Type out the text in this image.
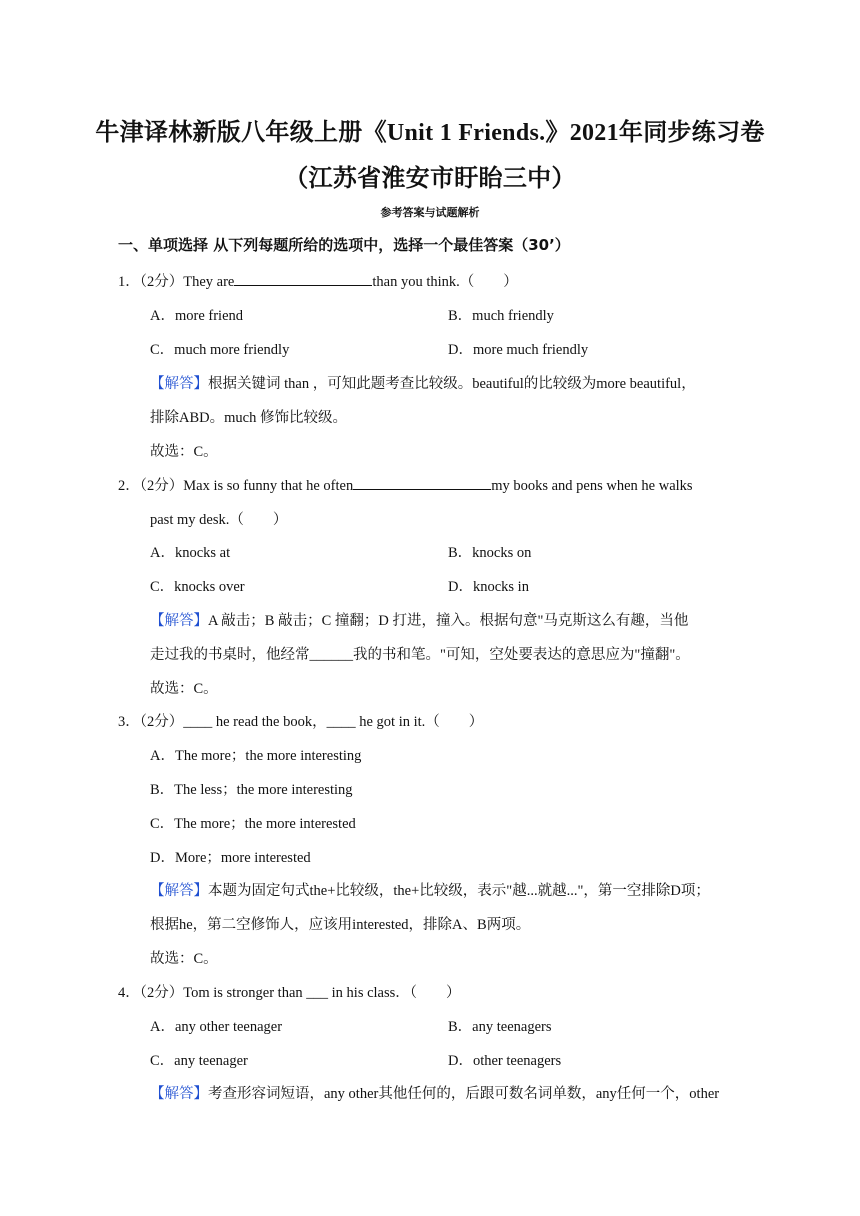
牛津译林新版八年级上册《Unit 1 Friends.》2021年同步练习卷
（江苏省淮安市盱眙三中）
参考答案与试题解析
一、单项选择 从下列每题所给的选项中，选择一个最佳答案（30’）
1．（2分）They are	than you think.（　　）
A．more friend	B．much friendly
C．much more friendly	D．more much friendly
【解答】根据关键词 than ，可知此题考查比较级。beautiful的比较级为more beautiful，
排除ABD。much 修饰比较级。
故选：C。
2．（2分）Max is so funny that he often	my books and pens when he walks
past my desk.（　　）
A．knocks at	B．knocks on
C．knocks over	D．knocks in
【解答】A 敲击；B 敲击；C 撞翻；D 打进，撞入。根据句意"马克斯这么有趣，当他
走过我的书桌时，他经常______我的书和笔。"可知，空处要表达的意思应为"撞翻"。
故选：C。
3．（2分）____ he read the book，____ he got in it.（　　）
A．The more；the more interesting
B．The less；the more interesting
C．The more；the more interested
D．More；more interested
【解答】本题为固定句式the+比较级，the+比较级，表示"越...就越..."，第一空排除D项；
根据he，第二空修饰人，应该用interested，排除A、B两项。
故选：C。
4．（2分）Tom is stronger than ___ in his class．（　　）
A．any other teenager	B．any teenagers
C．any teenager	D．other teenagers
【解答】考查形容词短语，any other其他任何的，后跟可数名词单数，any任何一个，other
